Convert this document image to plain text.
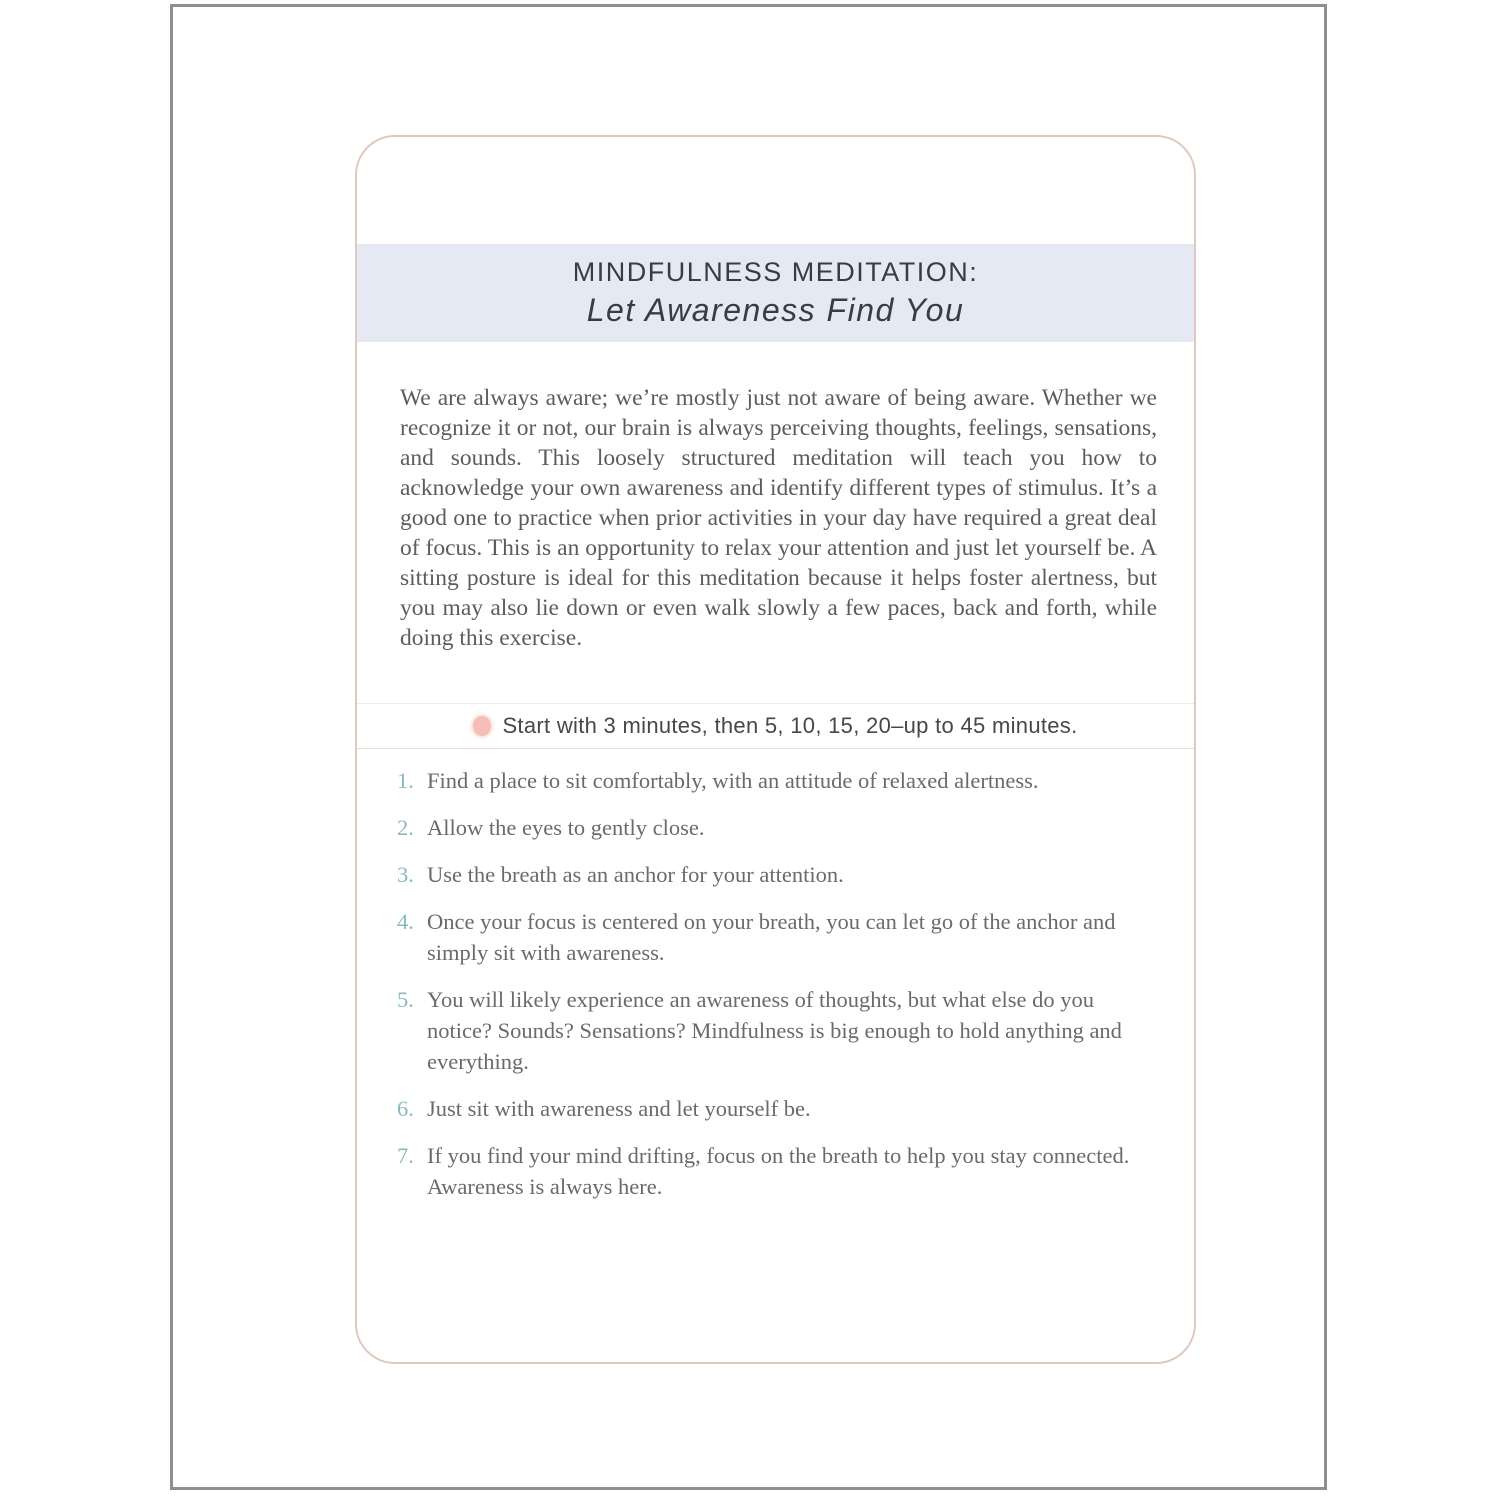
MINDFULNESS MEDITATION:
Let Awareness Find You
We are always aware; we’re mostly just not aware of being aware. Whether we recognize it or not, our brain is always perceiving thoughts, feelings, sensations, and sounds. This loosely structured meditation will teach you how to acknowledge your own awareness and identify different types of stimulus. It’s a good one to practice when prior activities in your day have required a great deal of focus. This is an opportunity to relax your attention and just let yourself be. A sitting posture is ideal for this meditation because it helps foster alertness, but you may also lie down or even walk slowly a few paces, back and forth, while doing this exercise.
Start with 3 minutes, then 5, 10, 15, 20–up to 45 minutes.
1. Find a place to sit comfortably, with an attitude of relaxed alertness.
2. Allow the eyes to gently close.
3. Use the breath as an anchor for your attention.
4. Once your focus is centered on your breath, you can let go of the anchor and simply sit with awareness.
5. You will likely experience an awareness of thoughts, but what else do you notice? Sounds? Sensations? Mindfulness is big enough to hold anything and everything.
6. Just sit with awareness and let yourself be.
7. If you find your mind drifting, focus on the breath to help you stay connected. Awareness is always here.
